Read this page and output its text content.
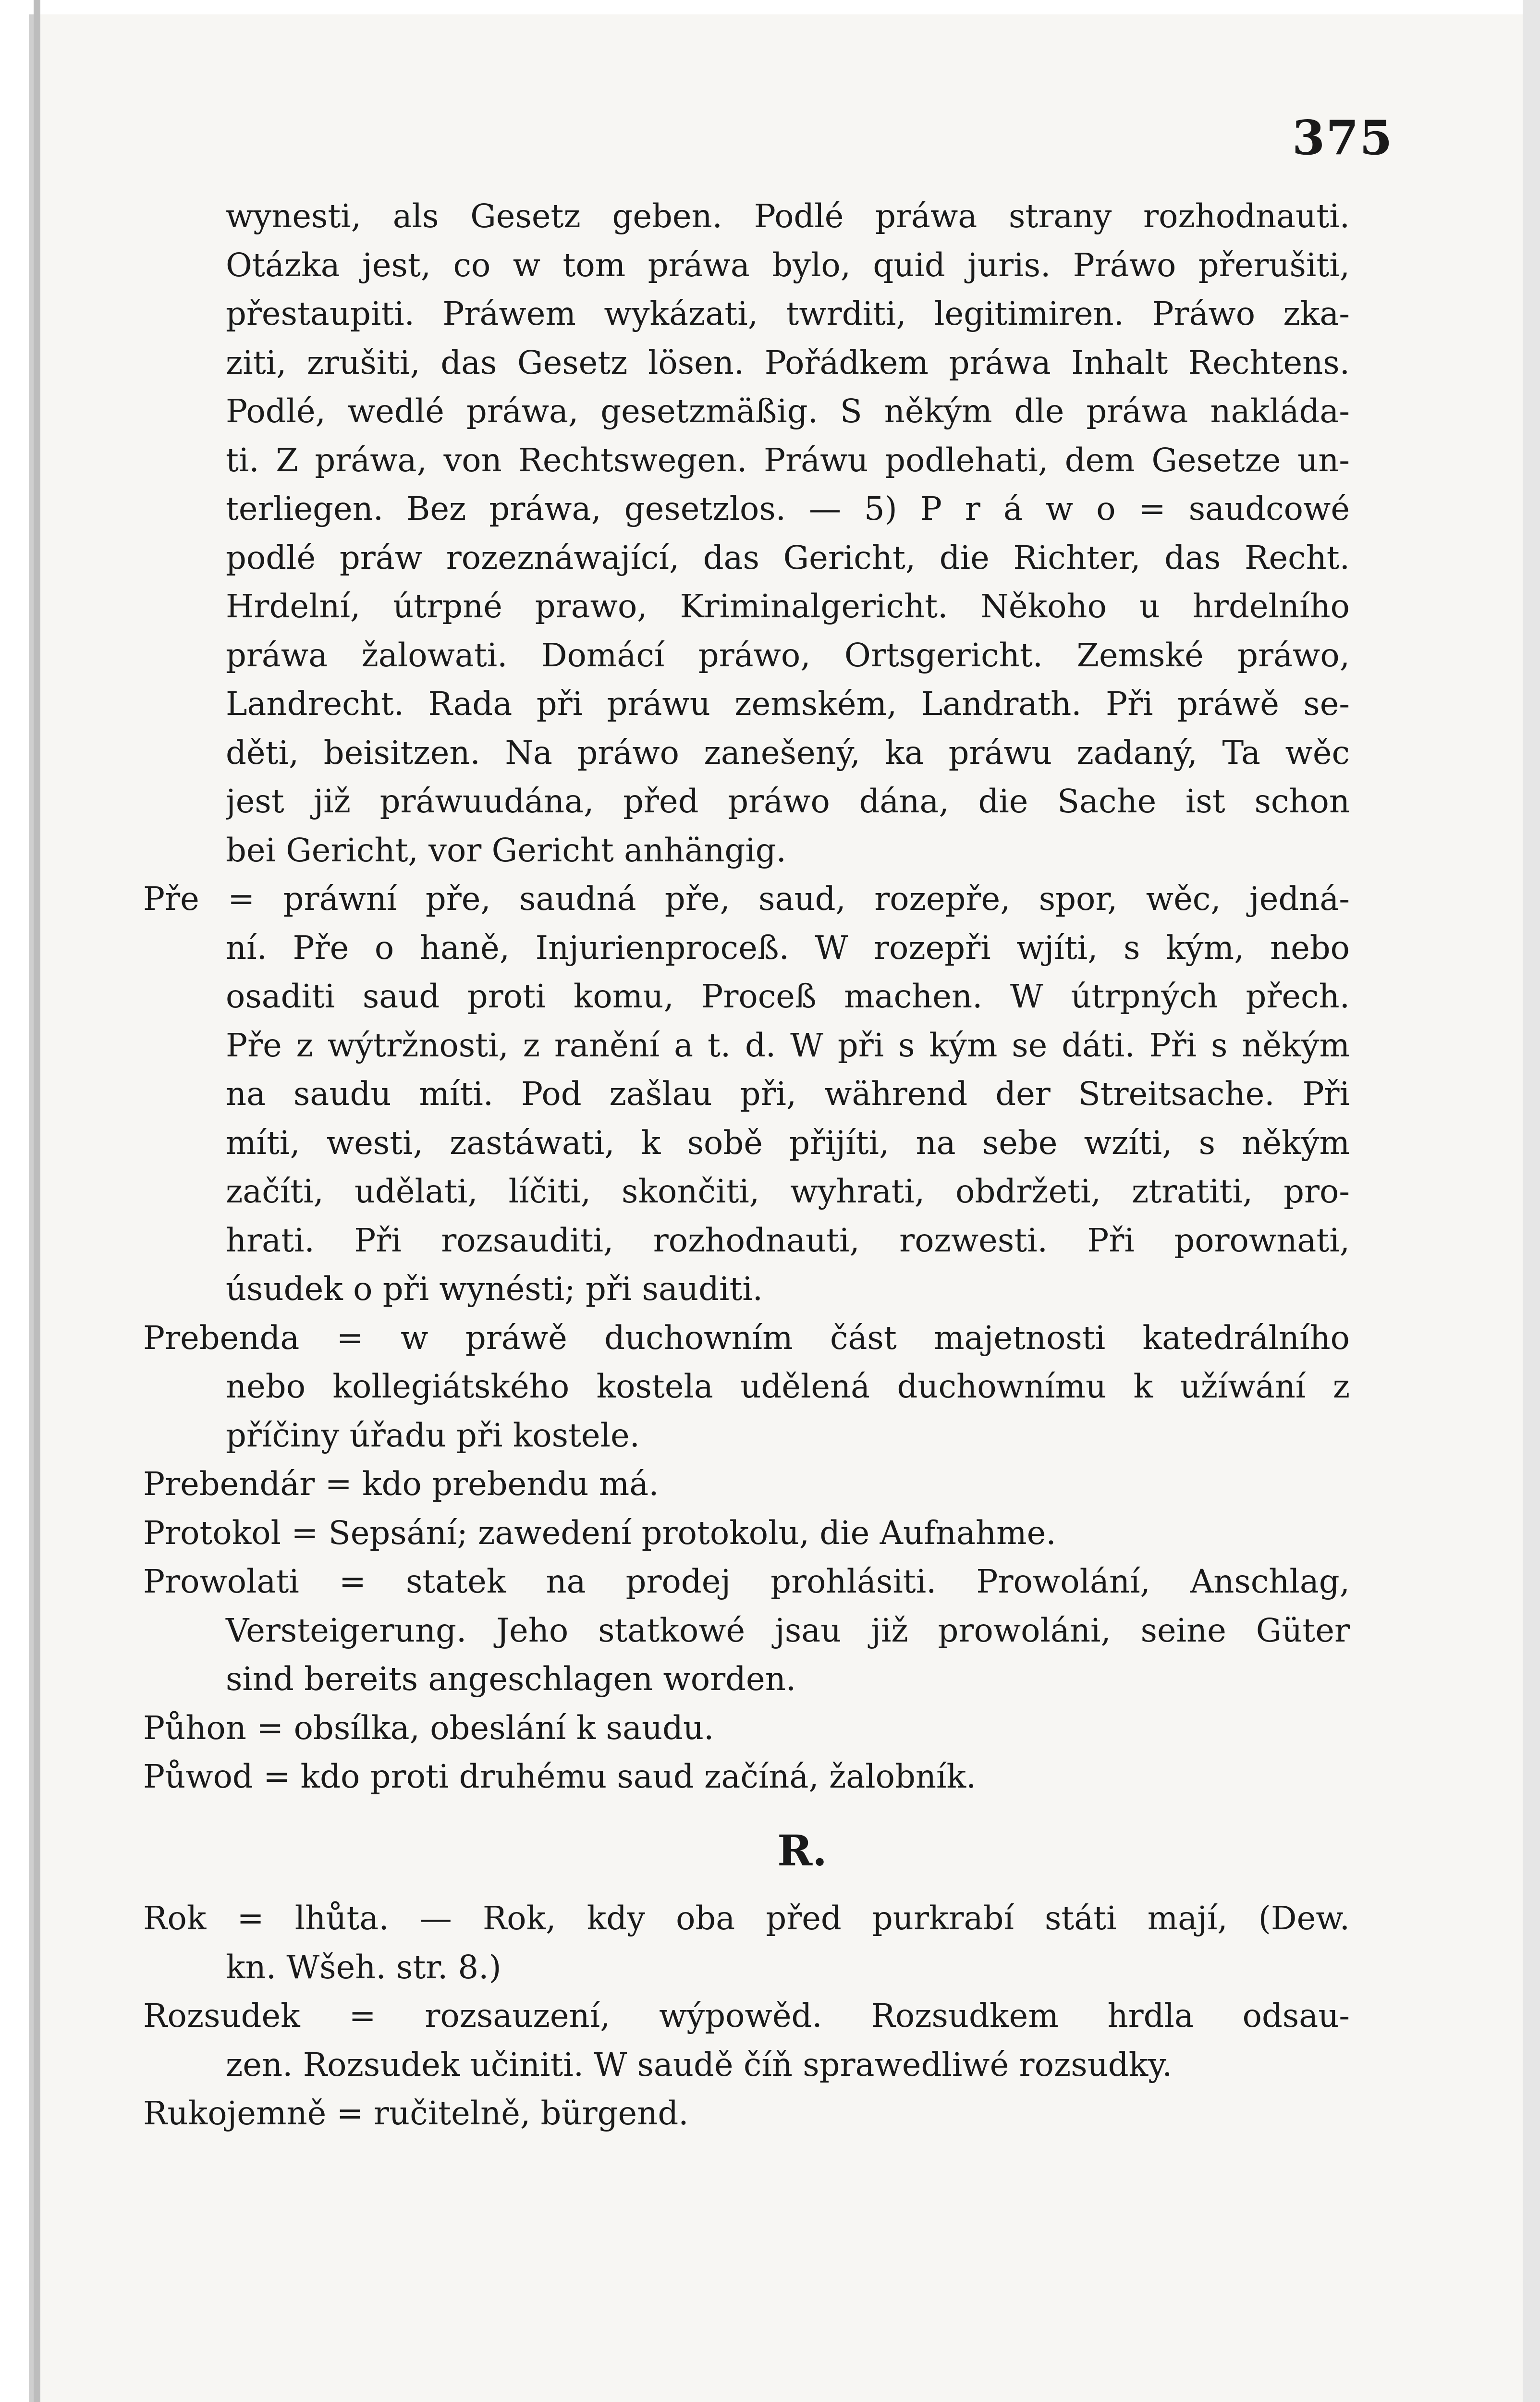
375

wynesti, als Gesetz geben. Podlé práwa strany rozhodnauti.
Otázka jest, co w tom práwa bylo, quid juris. Práwo přerušiti,
přestaupiti. Práwem wykázati, twrditi, legitimiren. Práwo zka-
ziti, zrušiti, das Gesetz lösen. Pořádkem práwa Inhalt Rechtens.
Podlé, wedlé práwa, gesetzmäßig. S někým dle práwa nakláda-
ti. Z práwa, von Rechtswegen. Práwu podlehati, dem Gesetze un-
terliegen. Bez práwa, gesetzlos. — 5) P r á w o = saudcowé
podlé práw rozeznáwající, das Gericht, die Richter, das Recht.
Hrdelní, útrpné prawo, Kriminalgericht. Někoho u hrdelního
práwa žalowati. Domácí práwo, Ortsgericht. Zemské práwo,
Landrecht. Rada při práwu zemském, Landrath. Při práwě se-
děti, beisitzen. Na práwo zanešený, ka práwu zadaný, Ta wěc
jest již práwuudána, před práwo dána, die Sache ist schon
bei Gericht, vor Gericht anhängig.

Pře = práwní pře, saudná pře, saud, rozepře, spor, wěc, jedná-
ní. Pře o haně, Injurienproceß. W rozepři wjíti, s kým, nebo
osaditi saud proti komu, Proceß machen. W útrpných přech.
Pře z wýtržnosti, z ranění a t. d. W při s kým se dáti. Při s někým
na saudu míti. Pod zašlau při, während der Streitsache. Při
míti, westi, zastáwati, k sobě přijíti, na sebe wzíti, s někým
začíti, udělati, líčiti, skončiti, wyhrati, obdržeti, ztratiti, pro-
hrati. Při rozsauditi, rozhodnauti, rozwesti. Při porownati,
úsudek o při wynésti; při sauditi.
Prebenda = w práwě duchowním část majetnosti katedrálního
nebo kollegiátského kostela udělená duchownímu k užíwání z
příčiny úřadu při kostele.
Prebendár = kdo prebendu má.
Protokol = Sepsání; zawedení protokolu, die Aufnahme.
Prowolati = statek na prodej prohlásiti. Prowolání, Anschlag,
Versteigerung. Jeho statkowé jsau již prowoláni, seine Güter
sind bereits angeschlagen worden.
Půhon = obsílka, obeslání k saudu.
Půwod = kdo proti druhému saud začíná, žalobník.
R.
Rok = lhůta. — Rok, kdy oba před purkrabí státi mají, (Dew.
kn. Wšeh. str. 8.)
Rozsudek = rozsauzení, wýpowěd. Rozsudkem hrdla odsau-
zen. Rozsudek učiniti. W saudě číň sprawedliwé rozsudky.
Rukojemně = ručitelně, bürgend.
